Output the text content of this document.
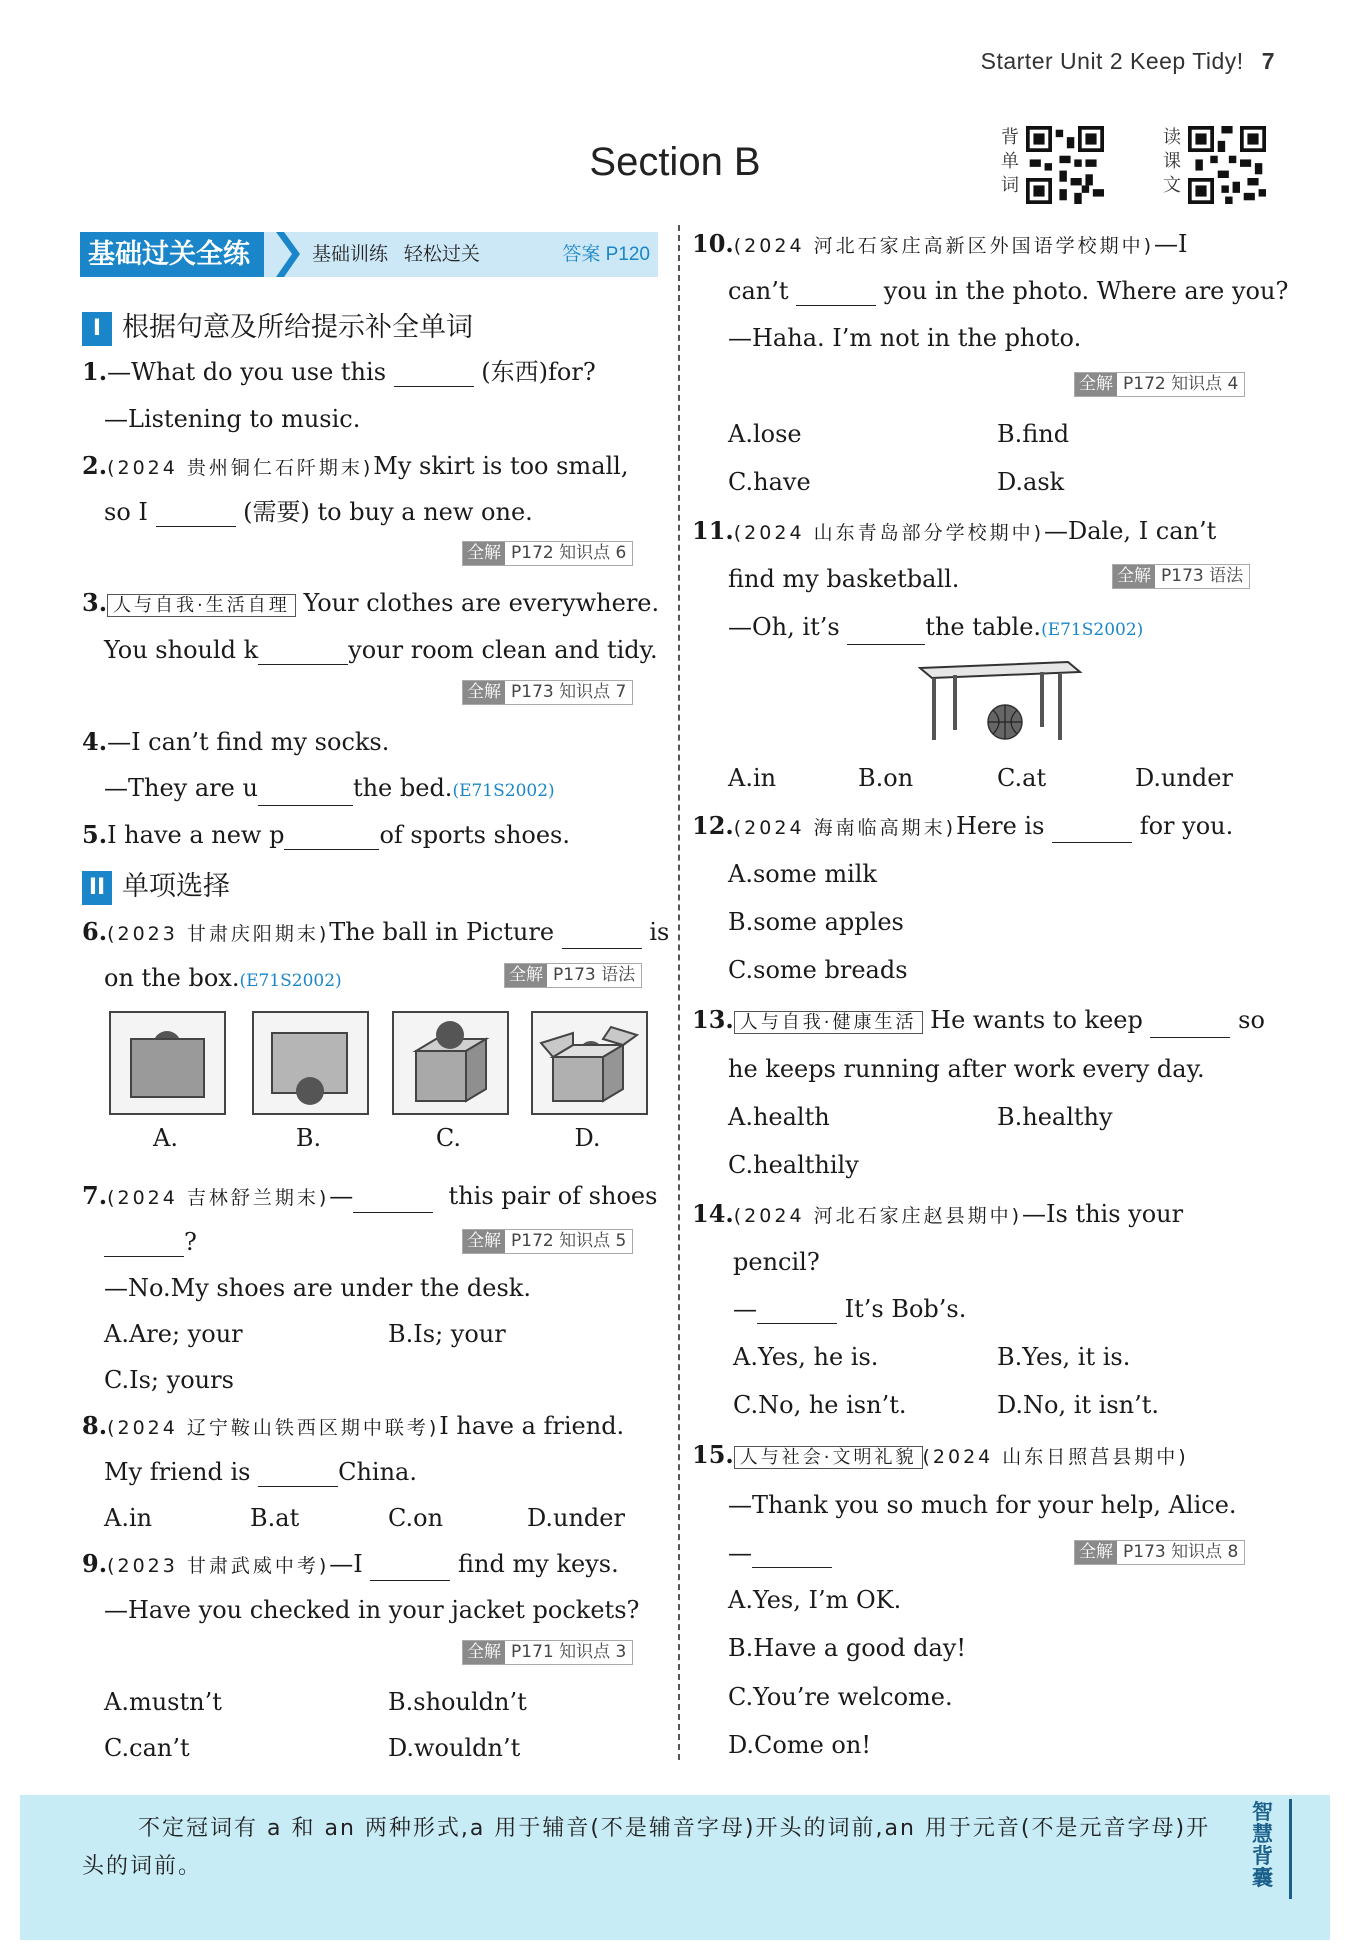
Starter Unit 2 Keep Tidy! 7
Section B
背
单
词
读
课
文
基础过关全练	基础训练 轻松过关	答案 P120
I 根据句意及所给提示补全单词
1.—What do you use this	(东西)for?
—Listening to music.
2.(2024 贵州铜仁石阡期末)My skirt is too small,
so I	(需要) to buy a new one.
全解 P172 知识点 6
3. 人与自我·生活自理 Your clothes are everywhere.
You should k	your room clean and tidy.
全解 P173 知识点 7
4.—I can’t find my socks.
—They are u	the bed.(E71S2002)
5.I have a new p	of sports shoes.
II 单项选择
6.(2023 甘肃庆阳期末)The ball in Picture	is
on the box.(E71S2002)	全解 P173 语法
A.	B.	C.	D.
7.(2024 吉林舒兰期末)—	this pair of shoes
?	全解 P172 知识点 5
—No.My shoes are under the desk.
A.Are; your	B.Is; your
C.Is; yours
8.(2024 辽宁鞍山铁西区期中联考)I have a friend.
My friend is	China.
A.in	B.at	C.on	D.under
9.(2023 甘肃武威中考)—I	find my keys.
—Have you checked in your jacket pockets?
全解 P171 知识点 3
A.mustn’t	B.shouldn’t
C.can’t	D.wouldn’t
10.(2024 河北石家庄高新区外国语学校期中)—I
can’t	you in the photo. Where are you?
—Haha. I’m not in the photo.
全解 P172 知识点 4
A.lose	B.find
C.have	D.ask
11.(2024 山东青岛部分学校期中)—Dale, I can’t
find my basketball.	全解 P173 语法
—Oh, it’s	the table.(E71S2002)
A.in	B.on	C.at	D.under
12.(2024 海南临高期末)Here is	for you.
A.some milk
B.some apples
C.some breads
13. 人与自我·健康生活 He wants to keep	so
he keeps running after work every day.
A.health	B.healthy
C.healthily
14.(2024 河北石家庄赵县期中)—Is this your
pencil?
—	It’s Bob’s.
A.Yes, he is.	B.Yes, it is.
C.No, he isn’t.	D.No, it isn’t.
15. 人与社会·文明礼貌 (2024 山东日照莒县期中)
—Thank you so much for your help, Alice.
—	全解 P173 知识点 8
A.Yes, I’m OK.
B.Have a good day!
C.You’re welcome.
D.Come on!
不定冠词有 a 和 an 两种形式,a 用于辅音(不是辅音字母)开头的词前,an 用于元音(不是元音字母)开头的词前。
智慧背囊
